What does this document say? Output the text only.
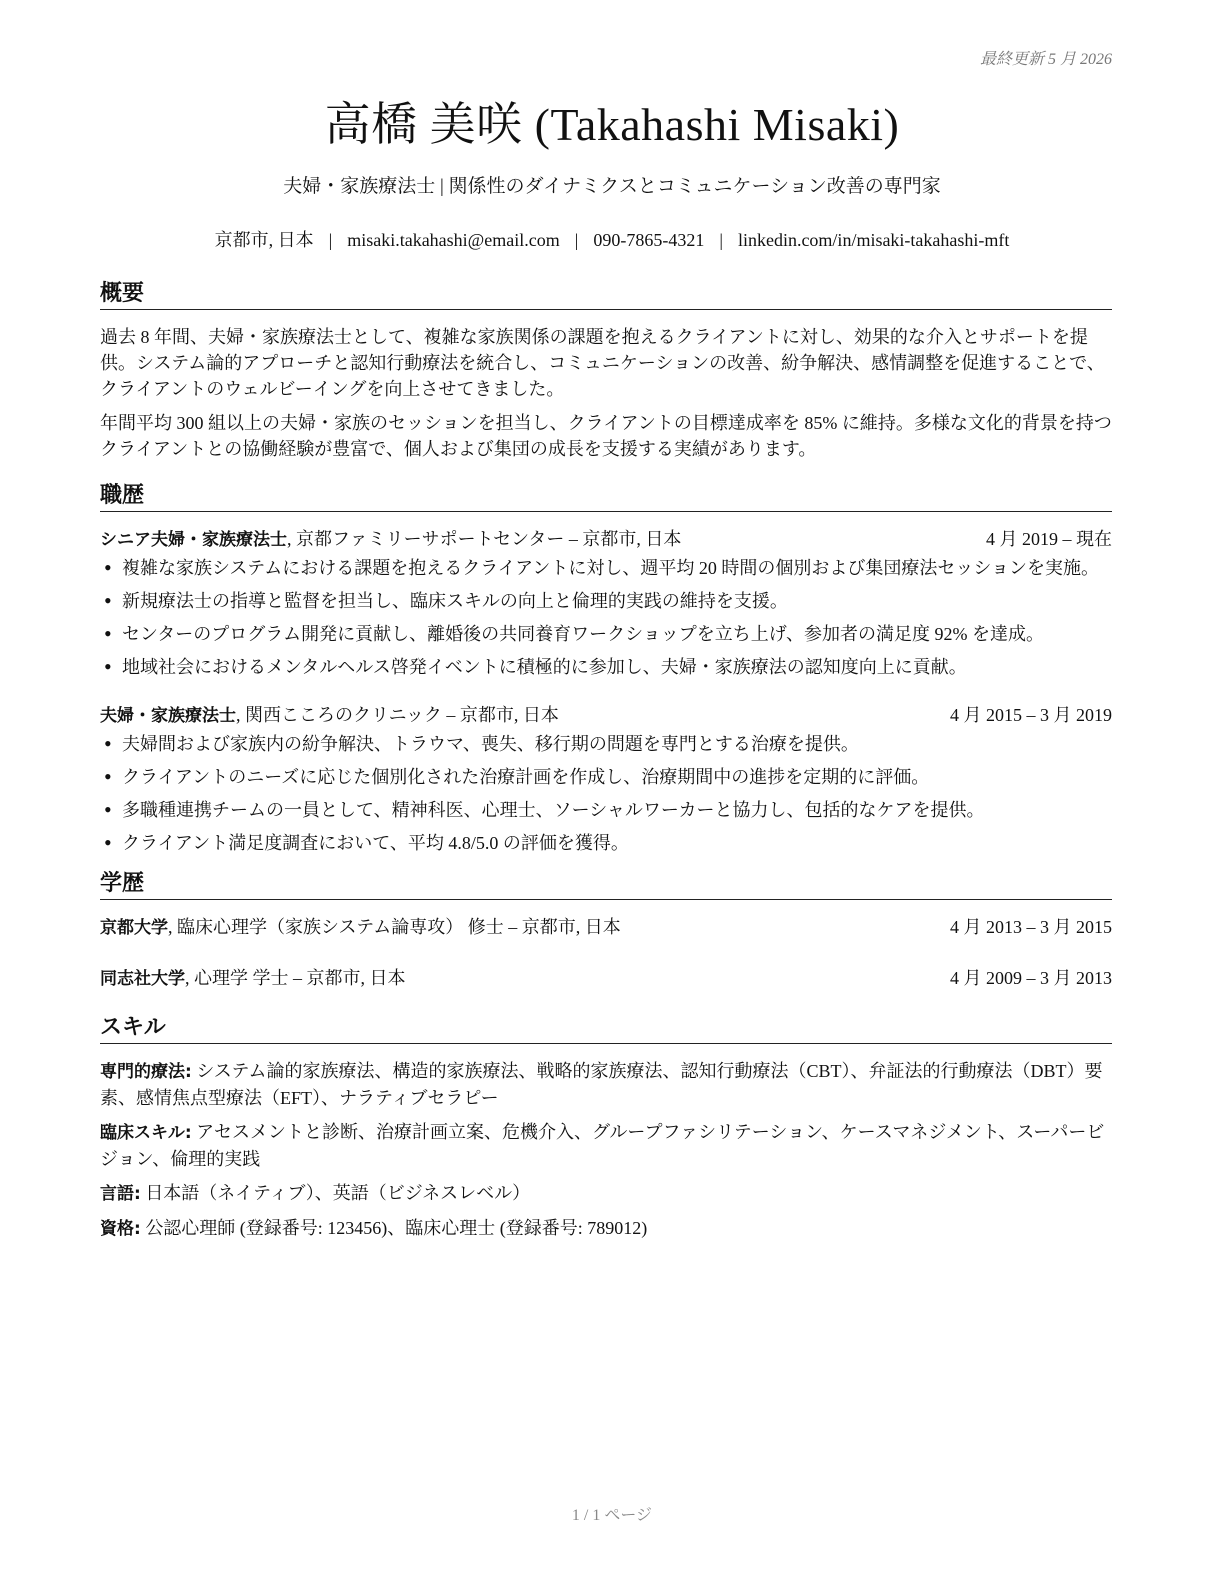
最終更新 5 月 2026
高橋 美咲 (Takahashi Misaki)
夫婦・家族療法士 | 関係性のダイナミクスとコミュニケーション改善の専門家
京都市, 日本 | misaki.takahashi@email.com | 090-7865-4321 | linkedin.com/in/misaki-takahashi-mft
概要

過去 8 年間、夫婦・家族療法士として、複雑な家族関係の課題を抱えるクライアントに対し、効果的な介入とサポートを提供。システム論的アプローチと認知行動療法を統合し、コミュニケーションの改善、紛争解決、感情調整を促進することで、クライアントのウェルビーイングを向上させてきました。

年間平均 300 組以上の夫婦・家族のセッションを担当し、クライアントの目標達成率を 85% に維持。多様な文化的背景を持つクライアントとの協働経験が豊富で、個人および集団の成長を支援する実績があります。

職歴
シニア夫婦・家族療法士, 京都ファミリーサポートセンター – 京都市, 日本	4 月 2019 – 現在
• 複雑な家族システムにおける課題を抱えるクライアントに対し、週平均 20 時間の個別および集団療法セッションを実施。
• 新規療法士の指導と監督を担当し、臨床スキルの向上と倫理的実践の維持を支援。
• センターのプログラム開発に貢献し、離婚後の共同養育ワークショップを立ち上げ、参加者の満足度 92% を達成。
• 地域社会におけるメンタルヘルス啓発イベントに積極的に参加し、夫婦・家族療法の認知度向上に貢献。
夫婦・家族療法士, 関西こころのクリニック – 京都市, 日本	4 月 2015 – 3 月 2019
• 夫婦間および家族内の紛争解決、トラウマ、喪失、移行期の問題を専門とする治療を提供。
• クライアントのニーズに応じた個別化された治療計画を作成し、治療期間中の進捗を定期的に評価。
• 多職種連携チームの一員として、精神科医、心理士、ソーシャルワーカーと協力し、包括的なケアを提供。
• クライアント満足度調査において、平均 4.8/5.0 の評価を獲得。
学歴
京都大学, 臨床心理学（家族システム論専攻） 修士 – 京都市, 日本	4 月 2013 – 3 月 2015
同志社大学, 心理学 学士 – 京都市, 日本	4 月 2009 – 3 月 2013
スキル
専門的療法: システム論的家族療法、構造的家族療法、戦略的家族療法、認知行動療法（CBT）、弁証法的行動療法（DBT）要素、感情焦点型療法（EFT）、ナラティブセラピー
臨床スキル: アセスメントと診断、治療計画立案、危機介入、グループファシリテーション、ケースマネジメント、スーパービジョン、倫理的実践
言語: 日本語（ネイティブ）、英語（ビジネスレベル）
資格: 公認心理師 (登録番号: 123456)、臨床心理士 (登録番号: 789012)
1 / 1 ページ
